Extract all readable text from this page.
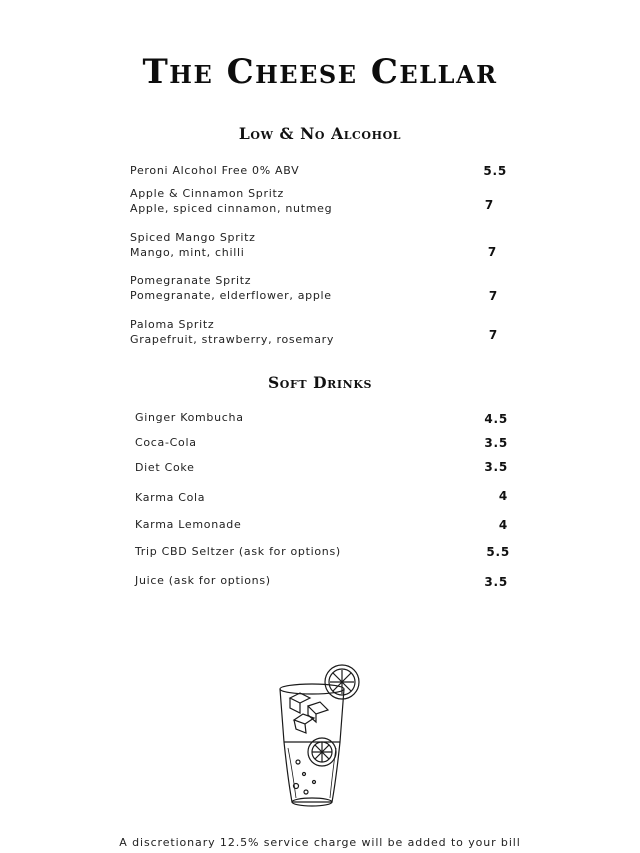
The Cheese Cellar
Low & No Alcohol
Peroni Alcohol Free 0% ABV	5.5
Apple & Cinnamon Spritz
Apple, spiced cinnamon, nutmeg	7
Spiced Mango Spritz
Mango, mint, chilli	7
Pomegranate Spritz
Pomegranate, elderflower, apple	7
Paloma Spritz
Grapefruit, strawberry, rosemary	7
Soft Drinks
Ginger Kombucha	4.5
Coca-Cola	3.5
Diet Coke	3.5
Karma Cola	4
Karma Lemonade	4
Trip CBD Seltzer (ask for options)	5.5
Juice (ask for options)	3.5
A discretionary 12.5% service charge will be added to your bill
